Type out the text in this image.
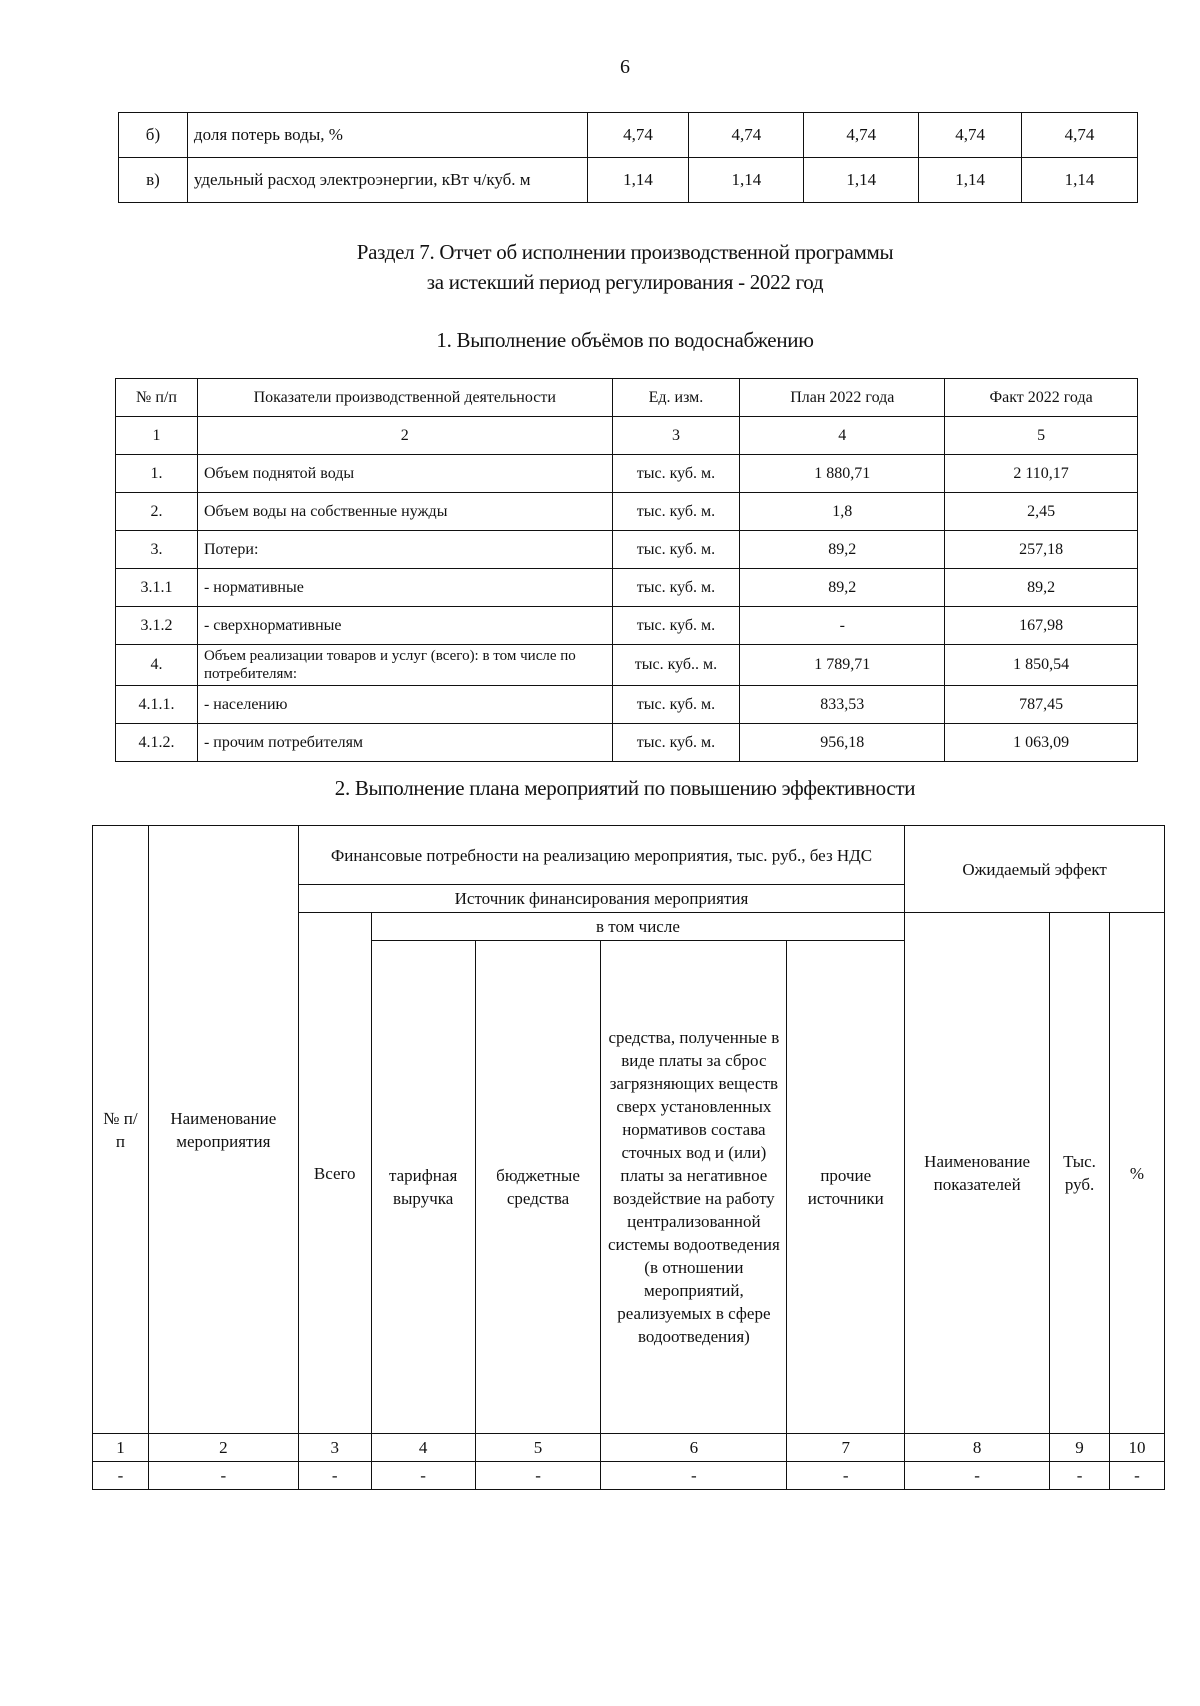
6
б)	доля потерь воды, %	4,74	4,74	4,74	4,74	4,74
в)	удельный расход электроэнергии, кВт ч/куб. м	1,14	1,14	1,14	1,14	1,14
Раздел 7. Отчет об исполнении производственной программы
за истекший период регулирования - 2022 год
1. Выполнение объёмов по водоснабжению
№ п/п	Показатели производственной деятельности	Ед. изм.	План 2022 года	Факт 2022 года
1	2	3	4	5
1.	Объем поднятой воды	тыс. куб. м.	1 880,71	2 110,17
2.	Объем воды на собственные нужды	тыс. куб. м.	1,8	2,45
3.	Потери:	тыс. куб. м.	89,2	257,18
3.1.1	- нормативные	тыс. куб. м.	89,2	89,2
3.1.2	- сверхнормативные	тыс. куб. м.	-	167,98
4.	Объем реализации товаров и услуг (всего): в том числе по потребителям:	тыс. куб.. м.	1 789,71	1 850,54
4.1.1.	- населению	тыс. куб. м.	833,53	787,45
4.1.2.	- прочим потребителям	тыс. куб. м.	956,18	1 063,09
2. Выполнение плана мероприятий по повышению эффективности
№ п/п	Наименование мероприятия	Финансовые потребности на реализацию мероприятия, тыс. руб., без НДС					Ожидаемый эффект		
		Источник финансирования мероприятия							
		Всего	в том числе				Наименование показателей	Тыс. руб.	%
			тарифная выручка	бюджетные средства	средства, полученные в виде платы за сброс загрязняющих веществ сверх установленных нормативов состава сточных вод и (или) платы за негативное воздействие на работу централизованной системы водоотведения (в отношении мероприятий, реализуемых в сфере водоотведения)	прочие источники			
1	2	3	4	5	6	7	8	9	10
-	-	-	-	-	-	-	-	-	-
